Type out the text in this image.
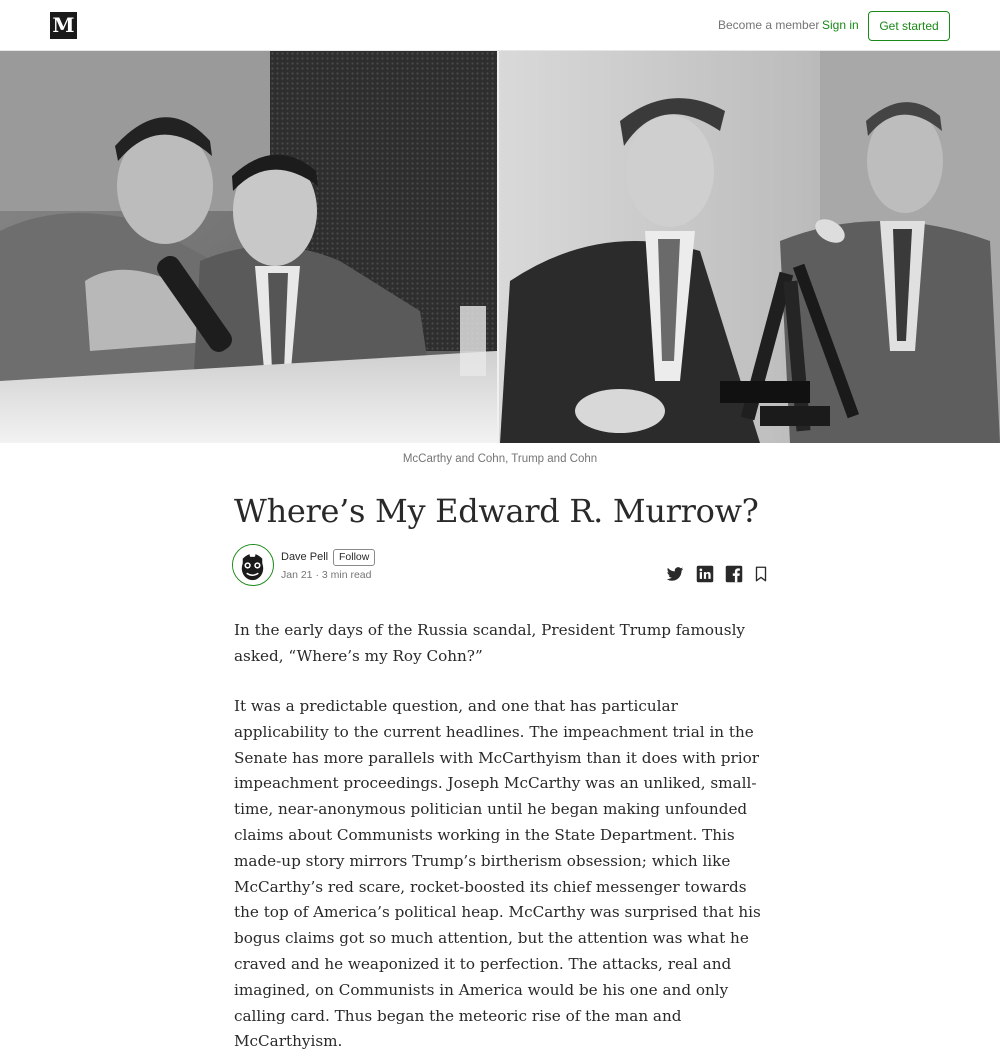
M	Become a member Sign in	Get started
McCarthy and Cohn, Trump and Cohn
Where’s My Edward R. Murrow?
Dave Pell	Follow
Jan 21 · 3 min read

In the early days of the Russia scandal, President Trump famously asked, “Where’s my Roy Cohn?”

It was a predictable question, and one that has particular applicability to the current headlines. The impeachment trial in the Senate has more parallels with McCarthyism than it does with prior impeachment proceedings. Joseph McCarthy was an unliked, small-time, near-anonymous politician until he began making unfounded claims about Communists working in the State Department. This made-up story mirrors Trump’s birtherism obsession; which like McCarthy’s red scare, rocket-boosted its chief messenger towards the top of America’s political heap. McCarthy was surprised that his bogus claims got so much attention, but the attention was what he craved and he weaponized it to perfection. The attacks, real and imagined, on Communists in America would be his one and only calling card. Thus began the meteoric rise of the man and McCarthyism.
